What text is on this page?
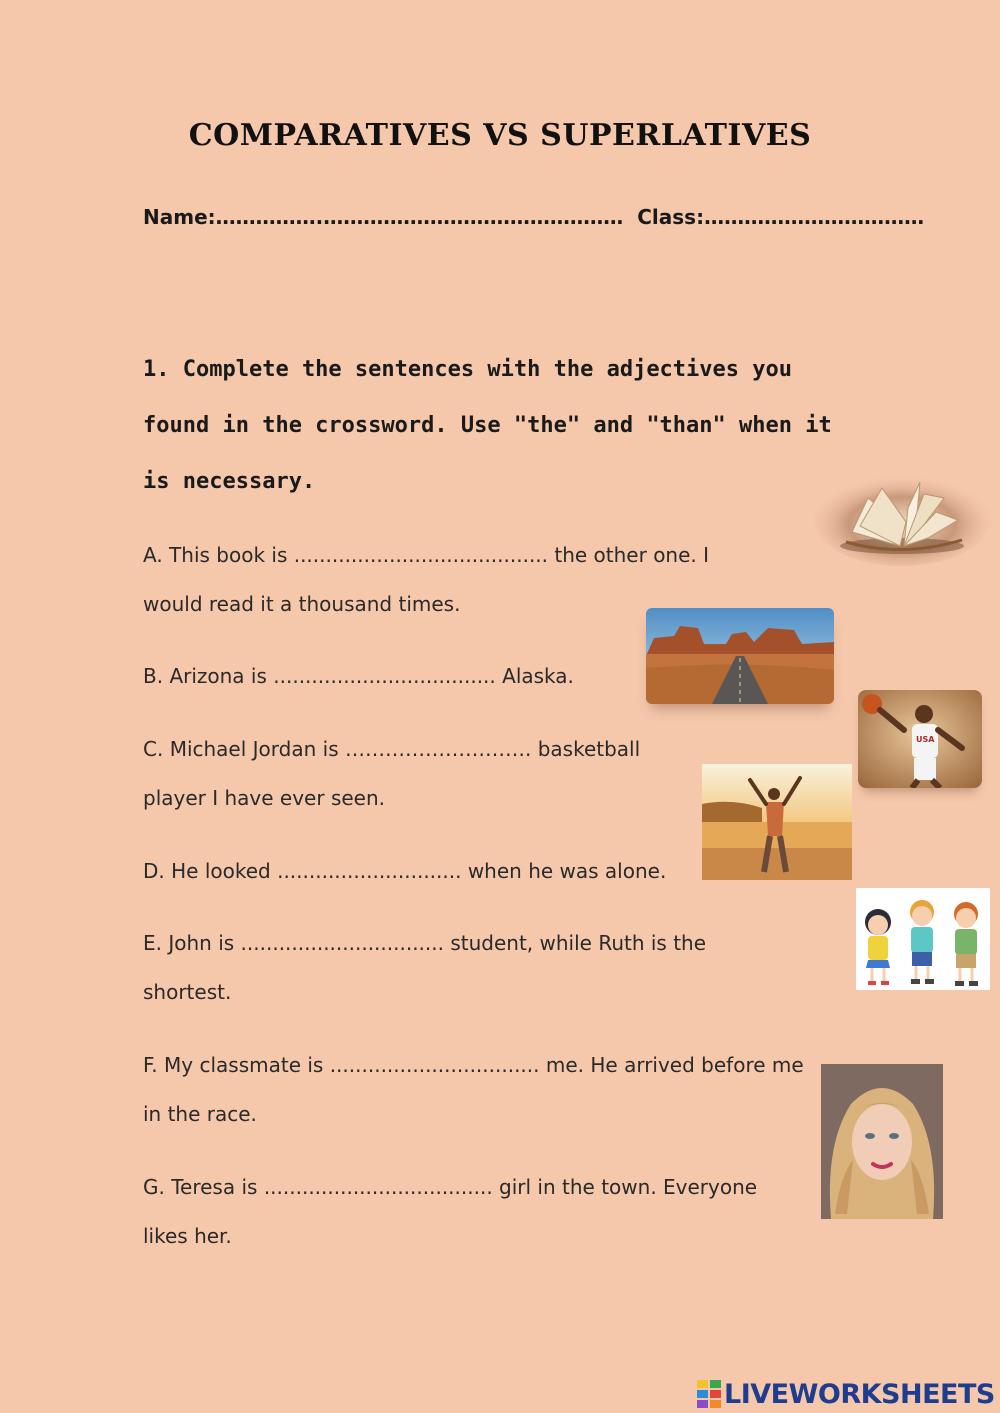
COMPARATIVES VS SUPERLATIVES
Name:…………….……………………………………… Class:……………………………
1. Complete the sentences with the adjectives you found in the crossword. Use "the" and "than" when it is necessary.
A. This book is ........................................ the other one. I would read it a thousand times.
B. Arizona is ................................... Alaska.
C. Michael Jordan is ………………………. basketball player I have ever seen.
D. He looked ............................. when he was alone.
E. John is ................................ student, while Ruth is the shortest.
F. My classmate is ................................. me. He arrived before me in the race.
G. Teresa is .................................... girl in the town. Everyone likes her.
USA
LIVEWORKSHEETS
